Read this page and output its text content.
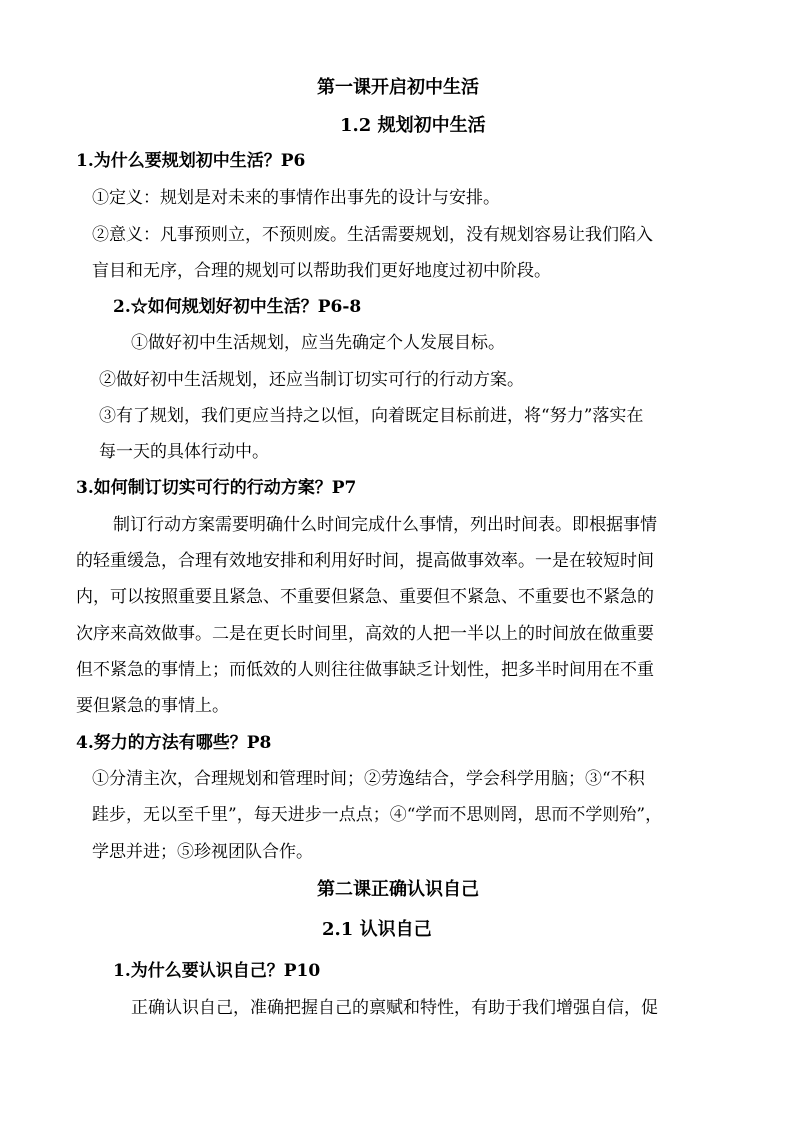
第一课开启初中生活
1.2 规划初中生活
1.为什么要规划初中生活？P6
①定义：规划是对未来的事情作出事先的设计与安排。
②意义：凡事预则立，不预则废。生活需要规划，没有规划容易让我们陷入
盲目和无序，合理的规划可以帮助我们更好地度过初中阶段。
2.☆如何规划好初中生活？P6-8
①做好初中生活规划，应当先确定个人发展目标。
②做好初中生活规划，还应当制订切实可行的行动方案。
③有了规划，我们更应当持之以恒，向着既定目标前进，将“努力”落实在
每一天的具体行动中。
3.如何制订切实可行的行动方案？P7
制订行动方案需要明确什么时间完成什么事情，列出时间表。即根据事情
的轻重缓急，合理有效地安排和利用好时间，提高做事效率。一是在较短时间
内，可以按照重要且紧急、不重要但紧急、重要但不紧急、不重要也不紧急的
次序来高效做事。二是在更长时间里，高效的人把一半以上的时间放在做重要
但不紧急的事情上；而低效的人则往往做事缺乏计划性，把多半时间用在不重
要但紧急的事情上。
4.努力的方法有哪些？P8
①分清主次，合理规划和管理时间；②劳逸结合，学会科学用脑；③“不积
跬步，无以至千里”，每天进步一点点；④“学而不思则罔，思而不学则殆”，
学思并进；⑤珍视团队合作。
第二课正确认识自己
2.1 认识自己
1.为什么要认识自己？P10
正确认识自己，准确把握自己的禀赋和特性，有助于我们增强自信，促
